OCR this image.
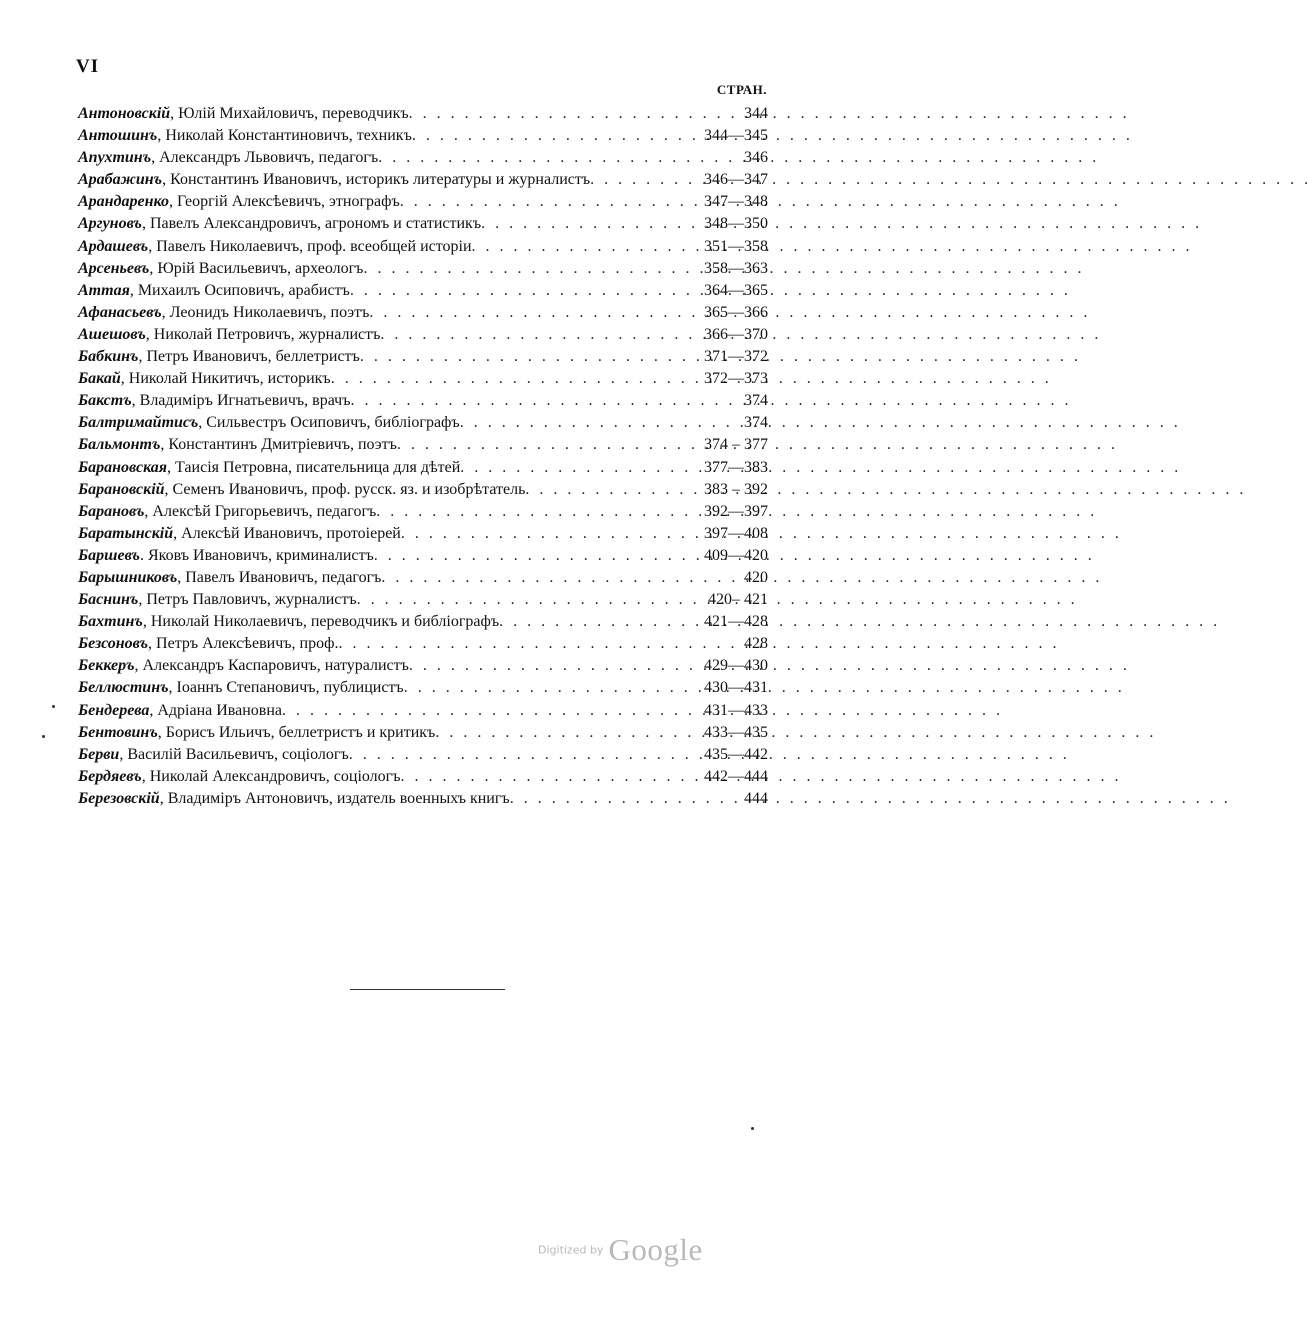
VI
СТРАН.
Антоновскій, Юлій Михайловичъ, переводчикъ . . .	344
Антошинъ, Николай Константиновичъ, техникъ . . .	344—345
Апухтинъ, Александръ Львовичъ, педагогъ . . .	346
Арабажинъ, Константинъ Ивановичъ, историкъ литературы и журналистъ . . .	346—347
Арандаренко, Георгій Алексѣевичъ, этнографъ . . .	347—348
Аргуновъ, Павелъ Александровичъ, агрономъ и статистикъ . . .	348—350
Ардашевъ, Павелъ Николаевичъ, проф. всеобщей исторіи . . .	351—358
Арсеньевъ, Юрій Васильевичъ, археологъ . . .	358—363
Аттая, Михаилъ Осиповичъ, арабистъ . . .	364—365
Афанасьевъ, Леонидъ Николаевичъ, поэтъ . . .	365—366
Ашешовъ, Николай Петровичъ, журналистъ . . .	366—370
Бабкинъ, Петръ Ивановичъ, беллетристъ . . .	371—372
Бакай, Николай Никитичъ, историкъ . . .	372—373
Бакстъ, Владиміръ Игнатьевичъ, врачъ . . .	374
Балтримайтисъ, Сильвестръ Осиповичъ, библіографъ . . .	374
Бальмонтъ, Константинъ Дмитріевичъ, поэтъ . . .	374 – 377
Барановская, Таисія Петровна, писательница для дѣтей . . .	377—383
Барановскій, Семенъ Ивановичъ, проф. русск. яз. и изобрѣтатель . . .	383 – 392
Барановъ, Алексѣй Григорьевичъ, педагогъ . . .	392—397
Баратынскій, Алексѣй Ивановичъ, протоіерей . . .	397—408
Баршевъ. Яковъ Ивановичъ, криминалистъ . . .	409—420
Барышниковъ, Павелъ Ивановичъ, педагогъ . . .	420
Баснинъ, Петръ Павловичъ, журналистъ . . .	420– 421
Бахтинъ, Николай Николаевичъ, переводчикъ и библіографъ . . .	421—428
Безсоновъ, Петръ Алексѣевичъ, проф. . . .	428
Беккеръ, Александръ Каспаровичъ, натуралистъ . . .	429—430
Беллюстинъ, Іоаннъ Степановичъ, публицистъ . . .	430—431
Бендерева, Адріана Ивановна . . .	431—433
Бентовинъ, Борисъ Ильичъ, беллетристъ и критикъ . . .	433—435
Берви, Василій Васильевичъ, соціологъ . . .	435—442
Бердяевъ, Николай Александровичъ, соціологъ . . .	442—444
Березовскій, Владиміръ Антоновичъ, издатель военныхъ книгъ . . .	444
Digitized by Google
